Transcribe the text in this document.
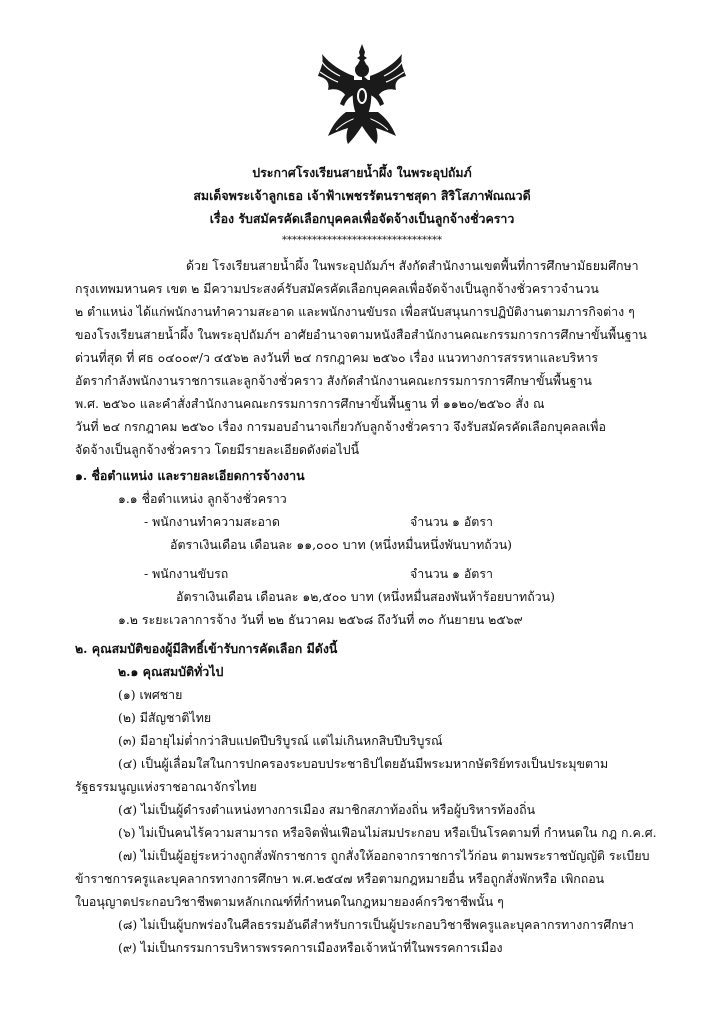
ประกาศโรงเรียนสายน้ำผึ้ง ในพระอุปถัมภ์
สมเด็จพระเจ้าลูกเธอ เจ้าฟ้าเพชรรัตนราชสุดา สิริโสภาพัณณวดี
เรื่อง รับสมัครคัดเลือกบุคคลเพื่อจัดจ้างเป็นลูกจ้างชั่วคราว
********************************
ด้วย โรงเรียนสายน้ำผึ้ง ในพระอุปถัมภ์ฯ สังกัดสำนักงานเขตพื้นที่การศึกษามัธยมศึกษา
กรุงเทพมหานคร เขต ๒ มีความประสงค์รับสมัครคัดเลือกบุคคลเพื่อจัดจ้างเป็นลูกจ้างชั่วคราวจำนวน
๒ ตำแหน่ง ได้แก่พนักงานทำความสะอาด และพนักงานขับรถ เพื่อสนับสนุนการปฏิบัติงานตามภารกิจต่าง ๆ
ของโรงเรียนสายน้ำผึ้ง ในพระอุปถัมภ์ฯ อาศัยอำนาจตามหนังสือสำนักงานคณะกรรมการการศึกษาขั้นพื้นฐาน
ด่วนที่สุด ที่ ศธ ๐๔๐๐๙/ว ๔๕๖๒ ลงวันที่ ๒๔ กรกฎาคม ๒๕๖๐ เรื่อง แนวทางการสรรหาและบริหาร
อัตรากำลังพนักงานราชการและลูกจ้างชั่วคราว สังกัดสำนักงานคณะกรรมการการศึกษาขั้นพื้นฐาน
พ.ศ. ๒๕๖๐ และคำสั่งสำนักงานคณะกรรมการการศึกษาขั้นพื้นฐาน ที่ ๑๑๒๐/๒๕๖๐ สั่ง ณ
วันที่ ๒๔ กรกฎาคม ๒๕๖๐ เรื่อง การมอบอำนาจเกี่ยวกับลูกจ้างชั่วคราว จึงรับสมัครคัดเลือกบุคลลเพื่อ
จัดจ้างเป็นลูกจ้างชั่วคราว โดยมีรายละเอียดดังต่อไปนี้
๑. ชื่อตำแหน่ง และรายละเอียดการจ้างงาน
๑.๑ ชื่อตำแหน่ง ลูกจ้างชั่วคราว
- พนักงานทำความสะอาด	จำนวน ๑ อัตรา
อัตราเงินเดือน เดือนละ ๑๑,๐๐๐ บาท (หนึ่งหมื่นหนึ่งพันบาทถ้วน)
- พนักงานขับรถ	จำนวน ๑ อัตรา
อัตราเงินเดือน เดือนละ ๑๒,๕๐๐ บาท (หนึ่งหมื่นสองพันห้าร้อยบาทถ้วน)
๑.๒ ระยะเวลาการจ้าง วันที่ ๒๒ ธันวาคม ๒๕๖๘ ถึงวันที่ ๓๐ กันยายน ๒๕๖๙
๒. คุณสมบัติของผู้มีสิทธิ์เข้ารับการคัดเลือก มีดังนี้
๒.๑ คุณสมบัติทั่วไป
(๑) เพศชาย
(๒) มีสัญชาติไทย
(๓) มีอายุไม่ต่ำกว่าสิบแปดปีบริบูรณ์ แต่ไม่เกินหกสิบปีบริบูรณ์
(๔) เป็นผู้เลื่อมใสในการปกครองระบอบประชาธิปไตยอันมีพระมหากษัตริย์ทรงเป็นประมุขตาม
รัฐธรรมนูญแห่งราชอาณาจักรไทย
(๕) ไม่เป็นผู้ดำรงตำแหน่งทางการเมือง สมาชิกสภาท้องถิ่น หรือผู้บริหารท้องถิ่น
(๖) ไม่เป็นคนไร้ความสามารถ หรือจิตฟั่นเฟือนไม่สมประกอบ หรือเป็นโรคตามที่ กำหนดใน กฎ ก.ค.ศ.
(๗) ไม่เป็นผู้อยู่ระหว่างถูกสั่งพักราชการ ถูกสั่งให้ออกจากราชการไว้ก่อน ตามพระราชบัญญัติ ระเบียบ
ข้าราชการครูและบุคลากรทางการศึกษา พ.ศ.๒๕๔๗ หรือตามกฎหมายอื่น หรือถูกสั่งพักหรือ เพิกถอน
ใบอนุญาตประกอบวิชาชีพตามหลักเกณฑ์ที่กำหนดในกฎหมายองค์กรวิชาชีพนั้น ๆ
(๘) ไม่เป็นผู้บกพร่องในศีลธรรมอันดีสำหรับการเป็นผู้ประกอบวิชาชีพครูและบุคลากรทางการศึกษา
(๙) ไม่เป็นกรรมการบริหารพรรคการเมืองหรือเจ้าหน้าที่ในพรรคการเมือง
